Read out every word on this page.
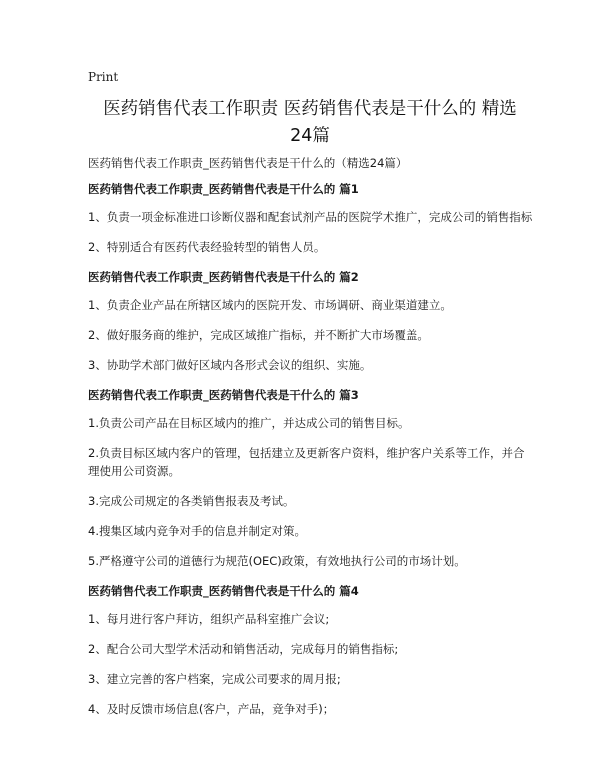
Print
医药销售代表工作职责 医药销售代表是干什么的 精选
24篇

医药销售代表工作职责_医药销售代表是干什么的（精选24篇）

医药销售代表工作职责_医药销售代表是干什么的 篇1

1、负责一项金标准进口诊断仪器和配套试剂产品的医院学术推广，完成公司的销售指标

2、特别适合有医药代表经验转型的销售人员。

医药销售代表工作职责_医药销售代表是干什么的 篇2

1、负责企业产品在所辖区域内的医院开发、市场调研、商业渠道建立。

2、做好服务商的维护，完成区域推广指标，并不断扩大市场覆盖。

3、协助学术部门做好区域内各形式会议的组织、实施。

医药销售代表工作职责_医药销售代表是干什么的 篇3

1.负责公司产品在目标区域内的推广，并达成公司的销售目标。

2.负责目标区域内客户的管理，包括建立及更新客户资料，维护客户关系等工作，并合理使用公司资源。

3.完成公司规定的各类销售报表及考试。

4.搜集区域内竞争对手的信息并制定对策。

5.严格遵守公司的道德行为规范(OEC)政策，有效地执行公司的市场计划。

医药销售代表工作职责_医药销售代表是干什么的 篇4

1、每月进行客户拜访，组织产品科室推广会议;

2、配合公司大型学术活动和销售活动，完成每月的销售指标;

3、建立完善的客户档案，完成公司要求的周月报;

4、及时反馈市场信息(客户，产品，竞争对手)；
